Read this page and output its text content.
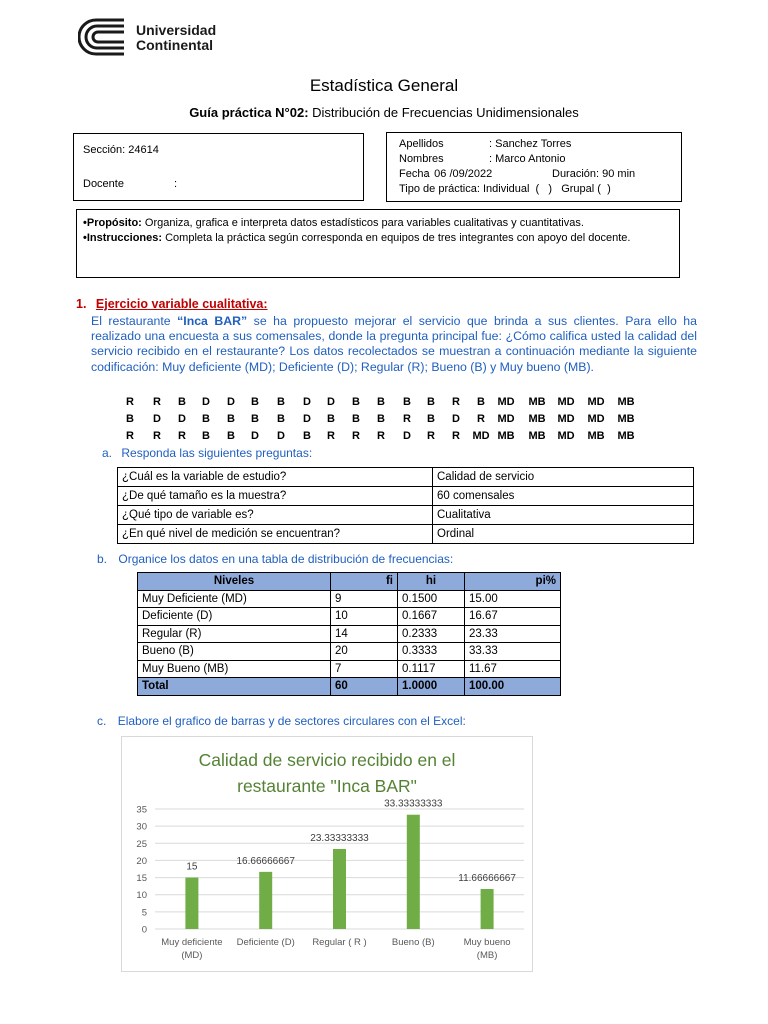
Universidad
Continental
Estadística General
Guía práctica N°02: Distribución de Frecuencias Unidimensionales
Sección: 24614
Docente	:
Apellidos	: Sanchez Torres
Nombres	: Marco Antonio
Fecha
:  06 /09/2022	Duración: 90 min
Tipo de práctica: Individual  (   )   Grupal (  )
•Propósito: Organiza, grafica e interpreta datos estadísticos para variables cualitativas y cuantitativas.
•Instrucciones: Completa la práctica según corresponda en equipos de tres integrantes con apoyo del docente.
1. Ejercicio variable cualitativa:
El restaurante “Inca BAR” se ha propuesto mejorar el servicio que brinda a sus clientes. Para ello ha realizado una encuesta a sus comensales, donde la pregunta principal fue: ¿Cómo califica usted la calidad del servicio recibido en el restaurante? Los datos recolectados se muestran a continuación mediante la siguiente codificación: Muy deficiente (MD); Deficiente (D); Regular (R); Bueno (B) y Muy bueno (MB).
R	R	B	D	D	B	B	D	D	B	B	B	B	R	B	MD	MB	MD	MD	MB
B	D	D	B	B	B	B	D	B	B	B	R	B	D	R	MD	MB	MD	MD	MB
R	R	R	B	B	D	D	B	R	R	R	D	R	R	MD MB	MB	MD	MB	MB
a. Responda las siguientes preguntas:
¿Cuál es la variable de estudio?	Calidad de servicio
¿De qué tamaño es la muestra?	60 comensales
¿Qué tipo de variable es?	Cualitativa
¿En qué nivel de medición se encuentran?	Ordinal
b. Organice los datos en una tabla de distribución de frecuencias:
Niveles	fi	hi	pi%
Muy Deficiente (MD)	9	0.1500	15.00
Deficiente (D)	10	0.1667	16.67
Regular (R)	14	0.2333	23.33
Bueno (B)	20	0.3333	33.33
Muy Bueno (MB)	7	0.1117	11.67
Total	60	1.0000	100.00
c. Elabore el grafico de barras y de sectores circulares con el Excel:
Calidad de servicio recibido en el
restaurante "Inca BAR"
0
5
10
15
20
25
30
35
15
Muy deficiente
(MD)
16.66666667
Deficiente (D)
23.33333333
Regular ( R )
33.33333333
Bueno (B)
11.66666667
Muy bueno
(MB)
